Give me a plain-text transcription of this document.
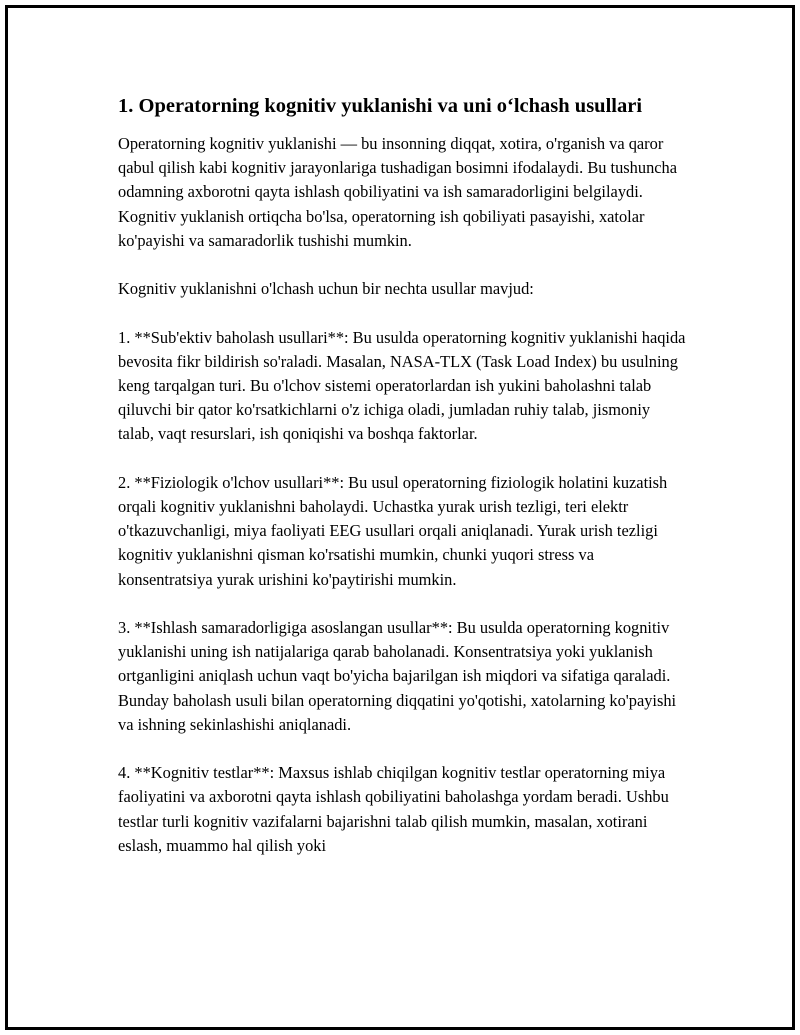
1. Operatorning kognitiv yuklanishi va uni o‘lchash usullari

Operatorning kognitiv yuklanishi — bu insonning diqqat, xotira, o'rganish va qaror qabul qilish kabi kognitiv jarayonlariga tushadigan bosimni ifodalaydi. Bu tushuncha odamning axborotni qayta ishlash qobiliyatini va ish samaradorligini belgilaydi. Kognitiv yuklanish ortiqcha bo'lsa, operatorning ish qobiliyati pasayishi, xatolar ko'payishi va samaradorlik tushishi mumkin.

Kognitiv yuklanishni o'lchash uchun bir nechta usullar mavjud:

1. **Sub'ektiv baholash usullari**: Bu usulda operatorning kognitiv yuklanishi haqida bevosita fikr bildirish so'raladi. Masalan, NASA-TLX (Task Load Index) bu usulning keng tarqalgan turi. Bu o'lchov sistemi operatorlardan ish yukini baholashni talab qiluvchi bir qator ko'rsatkichlarni o'z ichiga oladi, jumladan ruhiy talab, jismoniy talab, vaqt resurslari, ish qoniqishi va boshqa faktorlar.

2. **Fiziologik o'lchov usullari**: Bu usul operatorning fiziologik holatini kuzatish orqali kognitiv yuklanishni baholaydi. Uchastka yurak urish tezligi, teri elektr o'tkazuvchanligi, miya faoliyati EEG usullari orqali aniqlanadi. Yurak urish tezligi kognitiv yuklanishni qisman ko'rsatishi mumkin, chunki yuqori stress va konsentratsiya yurak urishini ko'paytirishi mumkin.

3. **Ishlash samaradorligiga asoslangan usullar**: Bu usulda operatorning kognitiv yuklanishi uning ish natijalariga qarab baholanadi. Konsentratsiya yoki yuklanish ortganligini aniqlash uchun vaqt bo'yicha bajarilgan ish miqdori va sifatiga qaraladi. Bunday baholash usuli bilan operatorning diqqatini yo'qotishi, xatolarning ko'payishi va ishning sekinlashishi aniqlanadi.

4. **Kognitiv testlar**: Maxsus ishlab chiqilgan kognitiv testlar operatorning miya faoliyatini va axborotni qayta ishlash qobiliyatini baholashga yordam beradi. Ushbu testlar turli kognitiv vazifalarni bajarishni talab qilish mumkin, masalan, xotirani eslash, muammo hal qilish yoki
